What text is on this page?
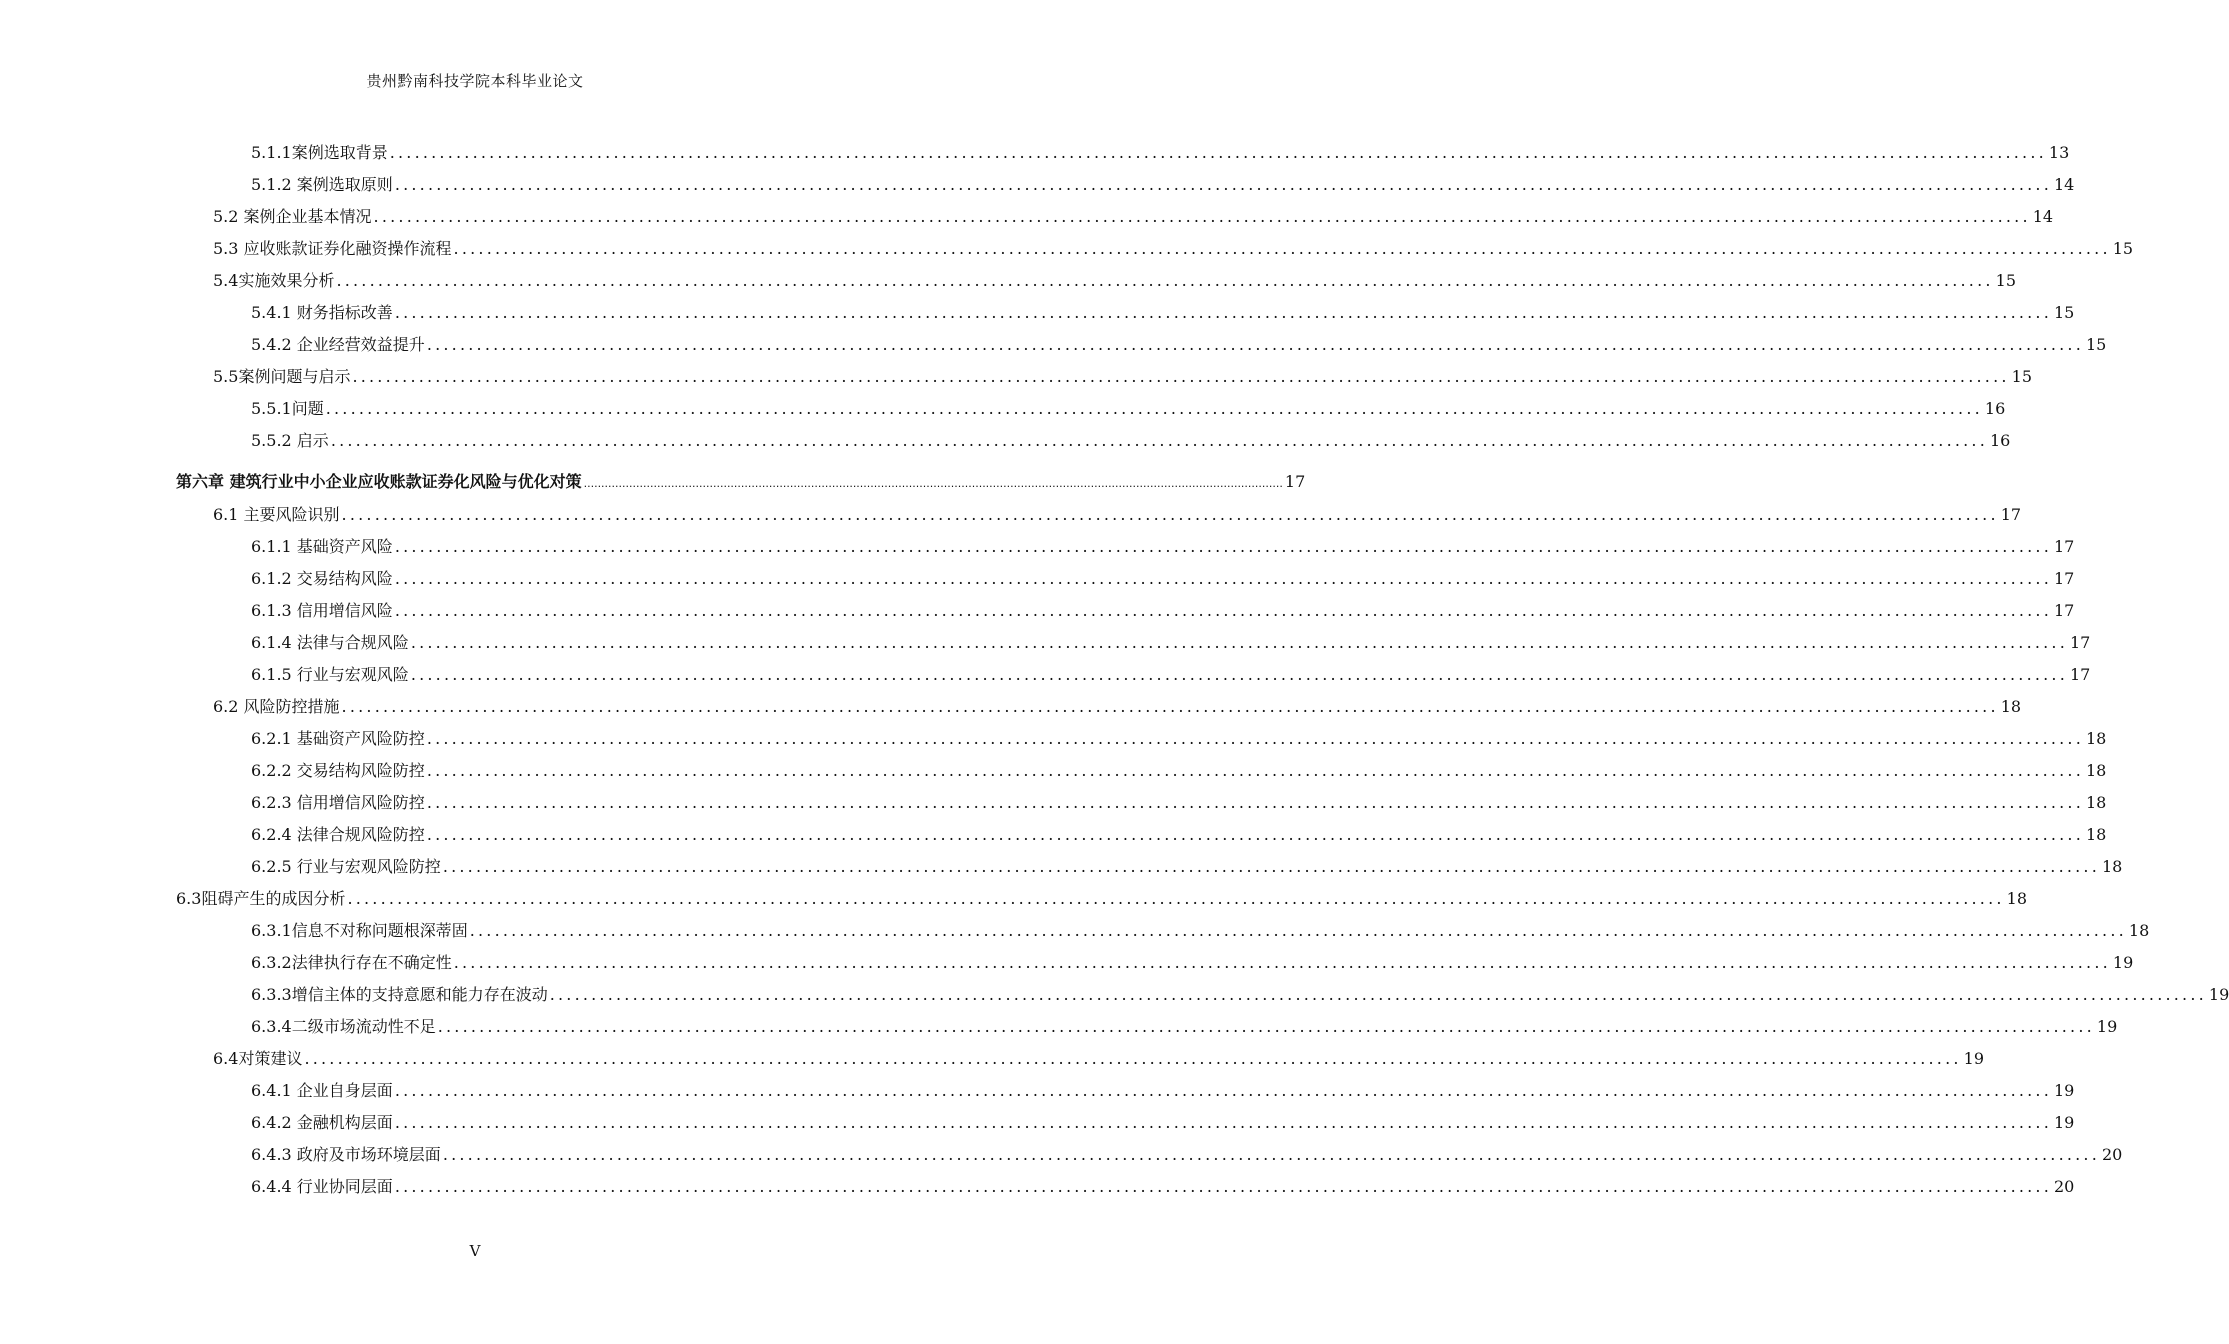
贵州黔南科技学院本科毕业论文
5.1.1案例选取背景 ........................................................................................................................................................................................................ 13
5.1.2 案例选取原则 ........................................................................................................................................................................................................ 14
5.2 案例企业基本情况 ........................................................................................................................................................................................................ 14
5.3 应收账款证券化融资操作流程 ........................................................................................................................................................................................................ 15
5.4实施效果分析 ........................................................................................................................................................................................................ 15
5.4.1 财务指标改善 ........................................................................................................................................................................................................ 15
5.4.2 企业经营效益提升 ........................................................................................................................................................................................................ 15
5.5案例问题与启示 ........................................................................................................................................................................................................ 15
5.5.1问题 ........................................................................................................................................................................................................ 16
5.5.2 启示 ........................................................................................................................................................................................................ 16
第六章 建筑行业中小企业应收账款证券化风险与优化对策 ........................................................................................................................................................................................................ 17
6.1 主要风险识别 ........................................................................................................................................................................................................ 17
6.1.1 基础资产风险 ........................................................................................................................................................................................................ 17
6.1.2 交易结构风险 ........................................................................................................................................................................................................ 17
6.1.3 信用增信风险 ........................................................................................................................................................................................................ 17
6.1.4 法律与合规风险 ........................................................................................................................................................................................................ 17
6.1.5 行业与宏观风险 ........................................................................................................................................................................................................ 17
6.2 风险防控措施 ........................................................................................................................................................................................................ 18
6.2.1 基础资产风险防控 ........................................................................................................................................................................................................ 18
6.2.2 交易结构风险防控 ........................................................................................................................................................................................................ 18
6.2.3 信用增信风险防控 ........................................................................................................................................................................................................ 18
6.2.4 法律合规风险防控 ........................................................................................................................................................................................................ 18
6.2.5 行业与宏观风险防控 ........................................................................................................................................................................................................ 18
6.3阻碍产生的成因分析 ........................................................................................................................................................................................................ 18
6.3.1信息不对称问题根深蒂固 ........................................................................................................................................................................................................ 18
6.3.2法律执行存在不确定性 ........................................................................................................................................................................................................ 19
6.3.3增信主体的支持意愿和能力存在波动 ........................................................................................................................................................................................................ 19
6.3.4二级市场流动性不足 ........................................................................................................................................................................................................ 19
6.4对策建议 ........................................................................................................................................................................................................ 19
6.4.1 企业自身层面 ........................................................................................................................................................................................................ 19
6.4.2 金融机构层面 ........................................................................................................................................................................................................ 19
6.4.3 政府及市场环境层面 ........................................................................................................................................................................................................ 20
6.4.4 行业协同层面 ........................................................................................................................................................................................................ 20
V
